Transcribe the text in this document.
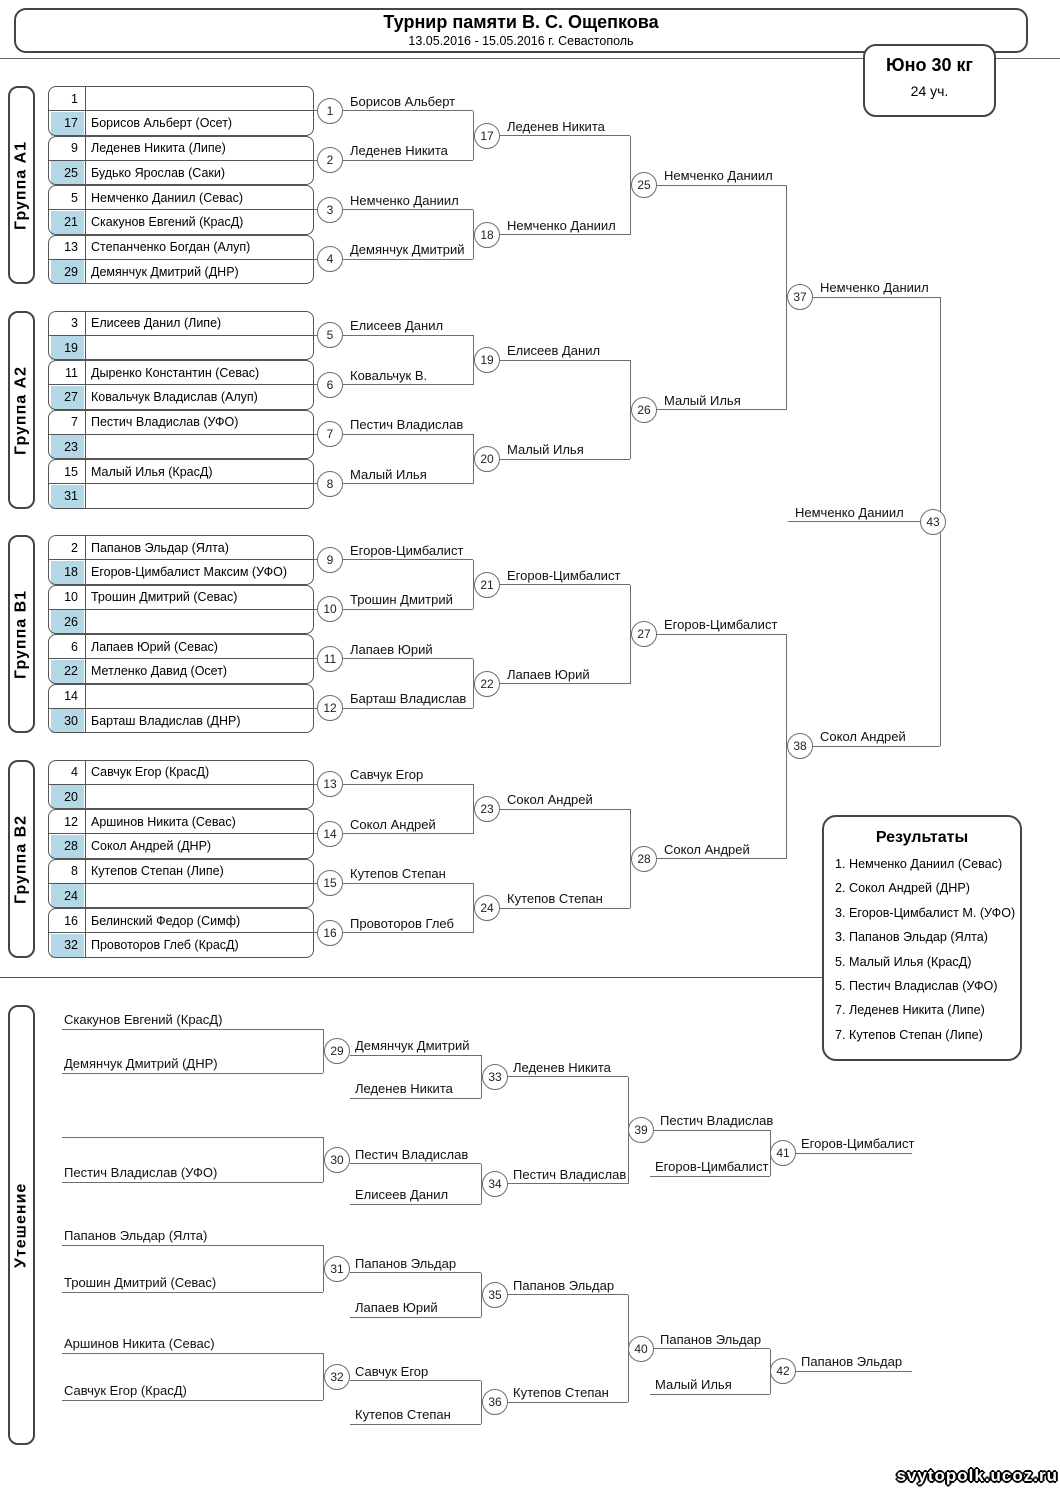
Турнир памяти В. С. Ощепкова
13.05.2016 - 15.05.2016 г. Севастополь
Юно 30 кг
24 уч.
Группа А1
1
17 Борисов Альберт (Осет)
9 Леденев Никита (Липе)
25 Будько Ярослав (Саки)
5 Немченко Даниил (Севас)
21 Скакунов Евгений (КрасД)
13 Степанченко Богдан (Алуп)
29 Демянчук Дмитрий (ДНР)
Группа А2
3 Елисеев Данил (Липе)
19
11 Дыренко Константин (Севас)
27 Ковальчук Владислав (Алуп)
7 Пестич Владислав (УФО)
23
15 Малый Илья (КрасД)
31
Группа В1
2 Папанов Эльдар (Ялта)
18 Егоров-Цимбалист Максим (УФО)
10 Трошин Дмитрий (Севас)
26
6 Лапаев Юрий (Севас)
22 Метленко Давид (Осет)
14
30 Барташ Владислав (ДНР)
Группа В2
4 Савчук Егор (КрасД)
20
12 Аршинов Никита (Севас)
28 Сокол Андрей (ДНР)
8 Кутепов Степан (Липе)
24
16 Белинский Федор (Симф)
32 Провоторов Глеб (КрасД)
1
Борисов Альберт
2
Леденев Никита
3
Немченко Даниил
4
Демянчук Дмитрий
17
Леденев Никита
18
Немченко Даниил
25
Немченко Даниил
5
Елисеев Данил
6
Ковальчук В.
7
Пестич Владислав
8
Малый Илья
19
Елисеев Данил
20
Малый Илья
26
Малый Илья
9
Егоров-Цимбалист
10
Трошин Дмитрий
11
Лапаев Юрий
12
Барташ Владислав
21
Егоров-Цимбалист
22
Лапаев Юрий
27
Егоров-Цимбалист
13
Савчук Егор
14
Сокол Андрей
15
Кутепов Степан
16
Провоторов Глеб
23
Сокол Андрей
24
Кутепов Степан
28
Сокол Андрей
37
Немченко Даниил
38
Сокол Андрей
Немченко Даниил
43
Утешение
Скакунов Евгений (КрасД)
Демянчук Дмитрий (ДНР)
29 Демянчук Дмитрий
Пестич Владислав (УФО)
30 Пестич Владислав
Папанов Эльдар (Ялта)
Трошин Дмитрий (Севас)
31 Папанов Эльдар
Аршинов Никита (Севас)
Савчук Егор (КрасД)
32 Савчук Егор
Леденев Никита
33
Леденев Никита
Елисеев Данил
34
Пестич Владислав
Лапаев Юрий
35
Папанов Эльдар
Кутепов Степан
36
Кутепов Степан
39
Пестич Владислав
40
Папанов Эльдар
Егоров-Цимбалист
41
Егоров-Цимбалист
Малый Илья
42
Папанов Эльдар
Результаты
1. Немченко Даниил (Севас)
2. Сокол Андрей (ДНР)
3. Егоров-Цимбалист М. (УФО)
3. Папанов Эльдар (Ялта)
5. Малый Илья (КрасД)
5. Пестич Владислав (УФО)
7. Леденев Никита (Липе)
7. Кутепов Степан (Липе)
svytopolk.ucoz.ru
